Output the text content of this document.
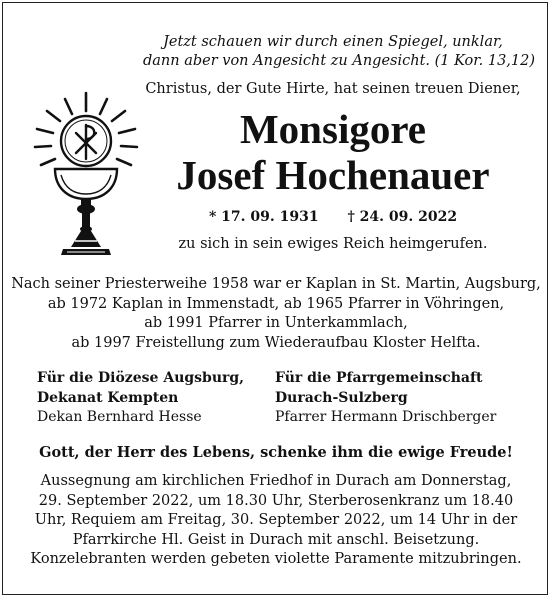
Jetzt schauen wir durch einen Spiegel, unklar,
dann aber von Angesicht zu Angesicht. (1 Kor. 13,12)
Christus, der Gute Hirte, hat seinen treuen Diener,
Monsigore
Josef Hochenauer
* 17. 09. 1931 † 24. 09. 2022
zu sich in sein ewiges Reich heimgerufen.
Nach seiner Priesterweihe 1958 war er Kaplan in St. Martin, Augsburg,
ab 1972 Kaplan in Immenstadt, ab 1965 Pfarrer in Vöhringen,
ab 1991 Pfarrer in Unterkammlach,
ab 1997 Freistellung zum Wiederaufbau Kloster Helfta.
Für die Diözese Augsburg,
Dekanat Kempten
Dekan Bernhard Hesse
Für die Pfarrgemeinschaft
Durach-Sulzberg
Pfarrer Hermann Drischberger
Gott, der Herr des Lebens, schenke ihm die ewige Freude!
Aussegnung am kirchlichen Friedhof in Durach am Donnerstag,
29. September 2022, um 18.30 Uhr, Sterberosenkranz um 18.40
Uhr, Requiem am Freitag, 30. September 2022, um 14 Uhr in der
Pfarrkirche Hl. Geist in Durach mit anschl. Beisetzung.
Konzelebranten werden gebeten violette Paramente mitzubringen.
